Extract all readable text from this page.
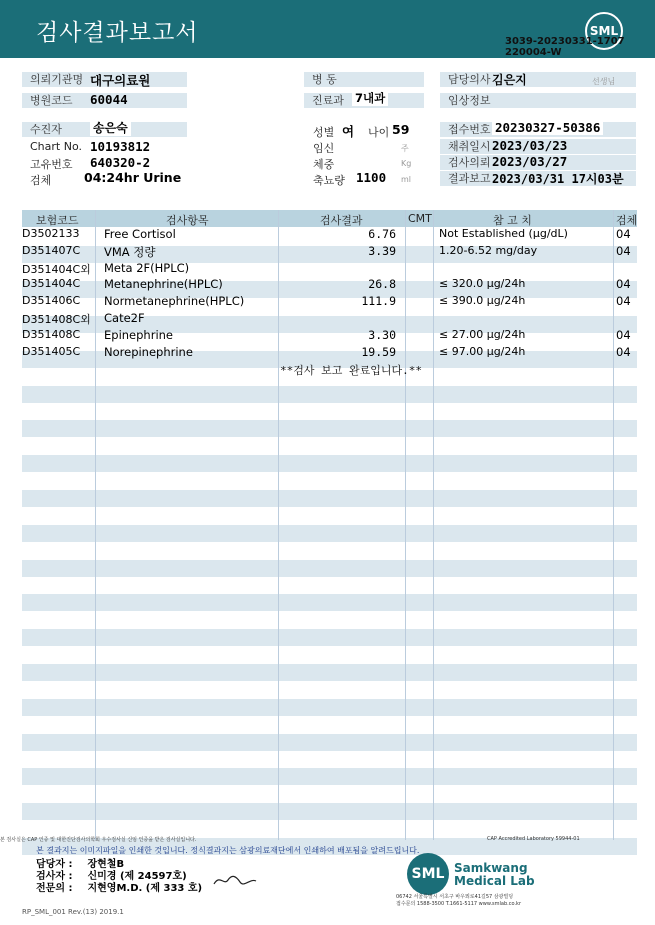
검사결과보고서	SML
3039-20230331-1707
220004-W
의뢰기관명 대구의료원
병원코드	60044
병 동
진료과 7내과
담당의사 김은지	선생님
임상정보
수진자	송은숙
Chart No. 10193812
고유번호 640320-2
검체	04:24hr Urine
성별 여 나이 59
임신	주
체중	Kg
축뇨량 1100 ml
접수번호 20230327-50386
채취일시 2023/03/23
검사의뢰 2023/03/27
결과보고 2023/03/31 17시03분
보험코드	검사항목	검사결과	CMT	참 고 치	검체
D3502133 Free Cortisol	6.76	Not Established (µg/dL)	04
D351407C VMA 정량	3.39	1.20-6.52 mg/day	04
D351404C외 Meta 2F(HPLC)
D351404C Metanephrine(HPLC)	26.8	≤ 320.0 µg/24h	04
D351406C Normetanephrine(HPLC)	111.9	≤ 390.0 µg/24h	04
D351408C외 Cate2F
D351408C Epinephrine	3.30	≤ 27.00 µg/24h	04
D351405C Norepinephrine	19.59	≤ 97.00 µg/24h	04
**검사 보고 완료입니다.**
본 검사실은 CAP 인증 및 대한진단검사의학회 우수검사실 신임 인증을 받은 검사실입니다.	CAP Accredited Laboratory 59944-01
본 결과지는 이미지파일을 인쇄한 것입니다. 정식결과지는 삼광의료재단에서 인쇄하여 배포됨을 알려드립니다.
담당자 : 장현철B
검사자 : 신미경 (제 24597호)
전문의 : 지현영M.D. (제 333 호)
SML Samkwang
Medical Lab
06742 서울특별시 서초구 바우뫼로41길57 삼광빌딩
접수문의 1588-3500 T.1661-5117 www.smlab.co.kr
RP_SML_001 Rev.(13) 2019.1
